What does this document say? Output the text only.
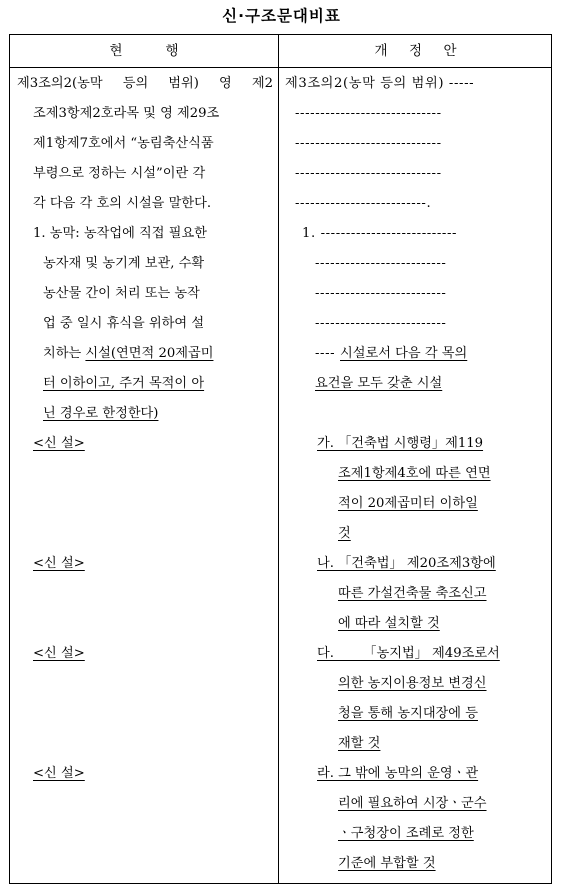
신·구조문대비표
현          행	개     정     안
제3조의2(농막 등의 범위) 영 제2
조제3항제2호라목 및 영 제29조
제1항제7호에서 “농림축산식품
부령으로 정하는 시설”이란 각
각 다음 각 호의 시설을 말한다.
1. 농막: 농작업에 직접 필요한
농자재 및 농기계 보관, 수확
농산물 간이 처리 또는 농작
업 중 일시 휴식을 위하여 설
치하는 시설(연면적 20제곱미
터 이하이고, 주거 목적이 아
닌 경우로 한정한다)
<신 설>
<신 설>
<신 설>
<신 설>
제3조의2(농막 등의 범위) -----
-----------------------------
-----------------------------
-----------------------------
--------------------------.
1. ---------------------------
--------------------------
--------------------------
--------------------------
---- 시설로서 다음 각 목의
요건을 모두 갖춘 시설
가. 「건축법 시행령」제119
조제1항제4호에 따른 연면
적이 20제곱미터 이하일
것
나. 「건축법」 제20조제3항에
따른 가설건축물 축조신고
에 따라 설치할 것
다.       「농지법」 제49조로서
의한 농지이용정보 변경신
청을 통해 농지대장에 등
재할 것
라. 그 밖에 농막의 운영ㆍ관
리에 필요하여 시장ㆍ군수
ㆍ구청장이 조례로 정한
기준에 부합할 것
